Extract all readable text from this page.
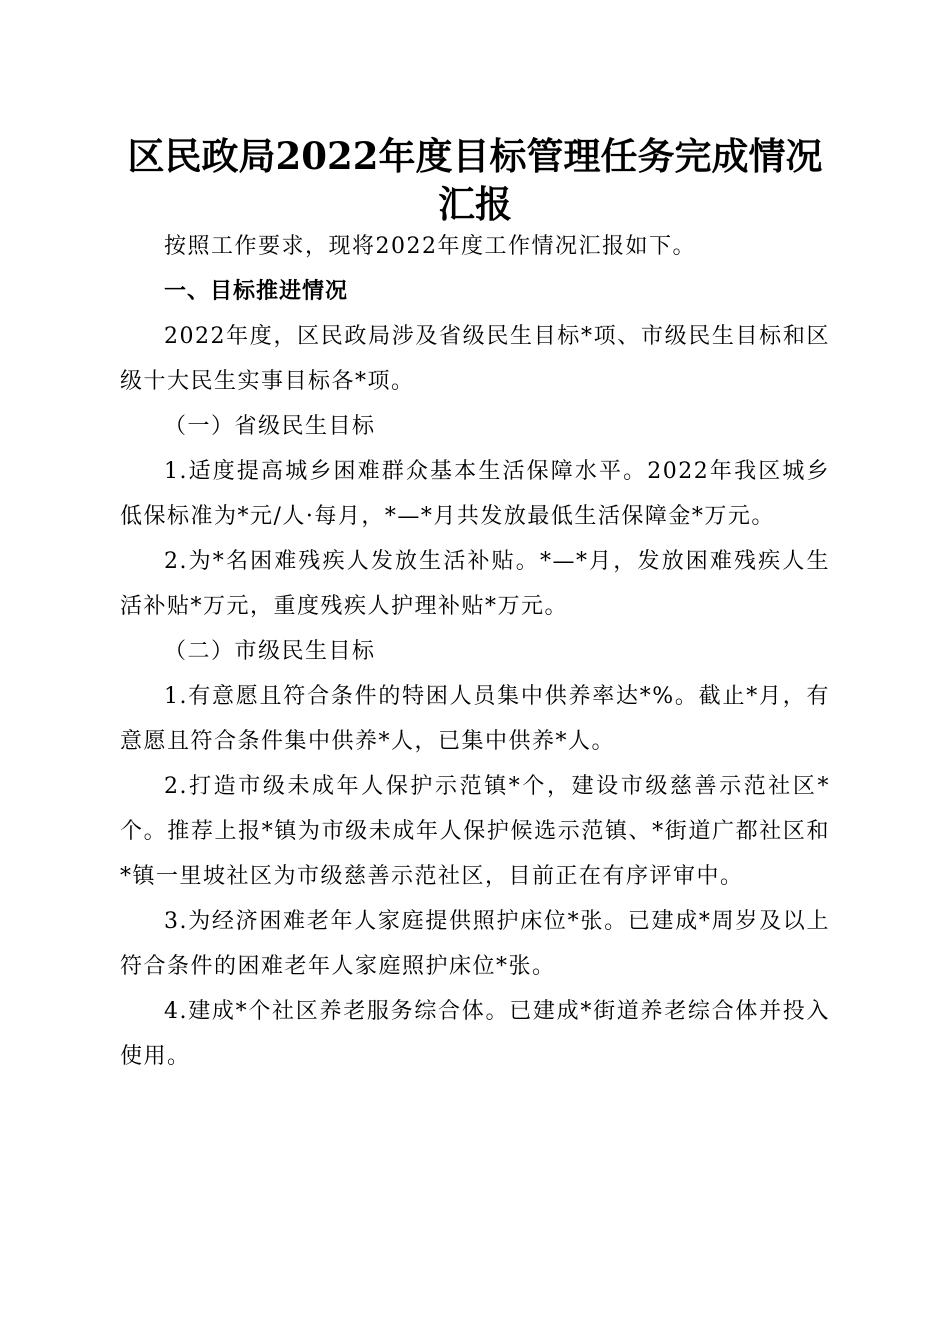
区民政局2022年度目标管理任务完成情况汇报

按照工作要求，现将2022年度工作情况汇报如下。

一、目标推进情况

2022年度，区民政局涉及省级民生目标*项、市级民生目标和区级十大民生实事目标各*项。

（一）省级民生目标

1.适度提高城乡困难群众基本生活保障水平。2022年我区城乡低保标准为*元/人·每月，*—*月共发放最低生活保障金*万元。

2.为*名困难残疾人发放生活补贴。*—*月，发放困难残疾人生活补贴*万元，重度残疾人护理补贴*万元。

（二）市级民生目标

1.有意愿且符合条件的特困人员集中供养率达*%。截止*月，有意愿且符合条件集中供养*人，已集中供养*人。

2.打造市级未成年人保护示范镇*个，建设市级慈善示范社区*个。推荐上报*镇为市级未成年人保护候选示范镇、*街道广都社区和*镇一里坡社区为市级慈善示范社区，目前正在有序评审中。

3.为经济困难老年人家庭提供照护床位*张。已建成*周岁及以上符合条件的困难老年人家庭照护床位*张。

4.建成*个社区养老服务综合体。已建成*街道养老综合体并投入使用。
